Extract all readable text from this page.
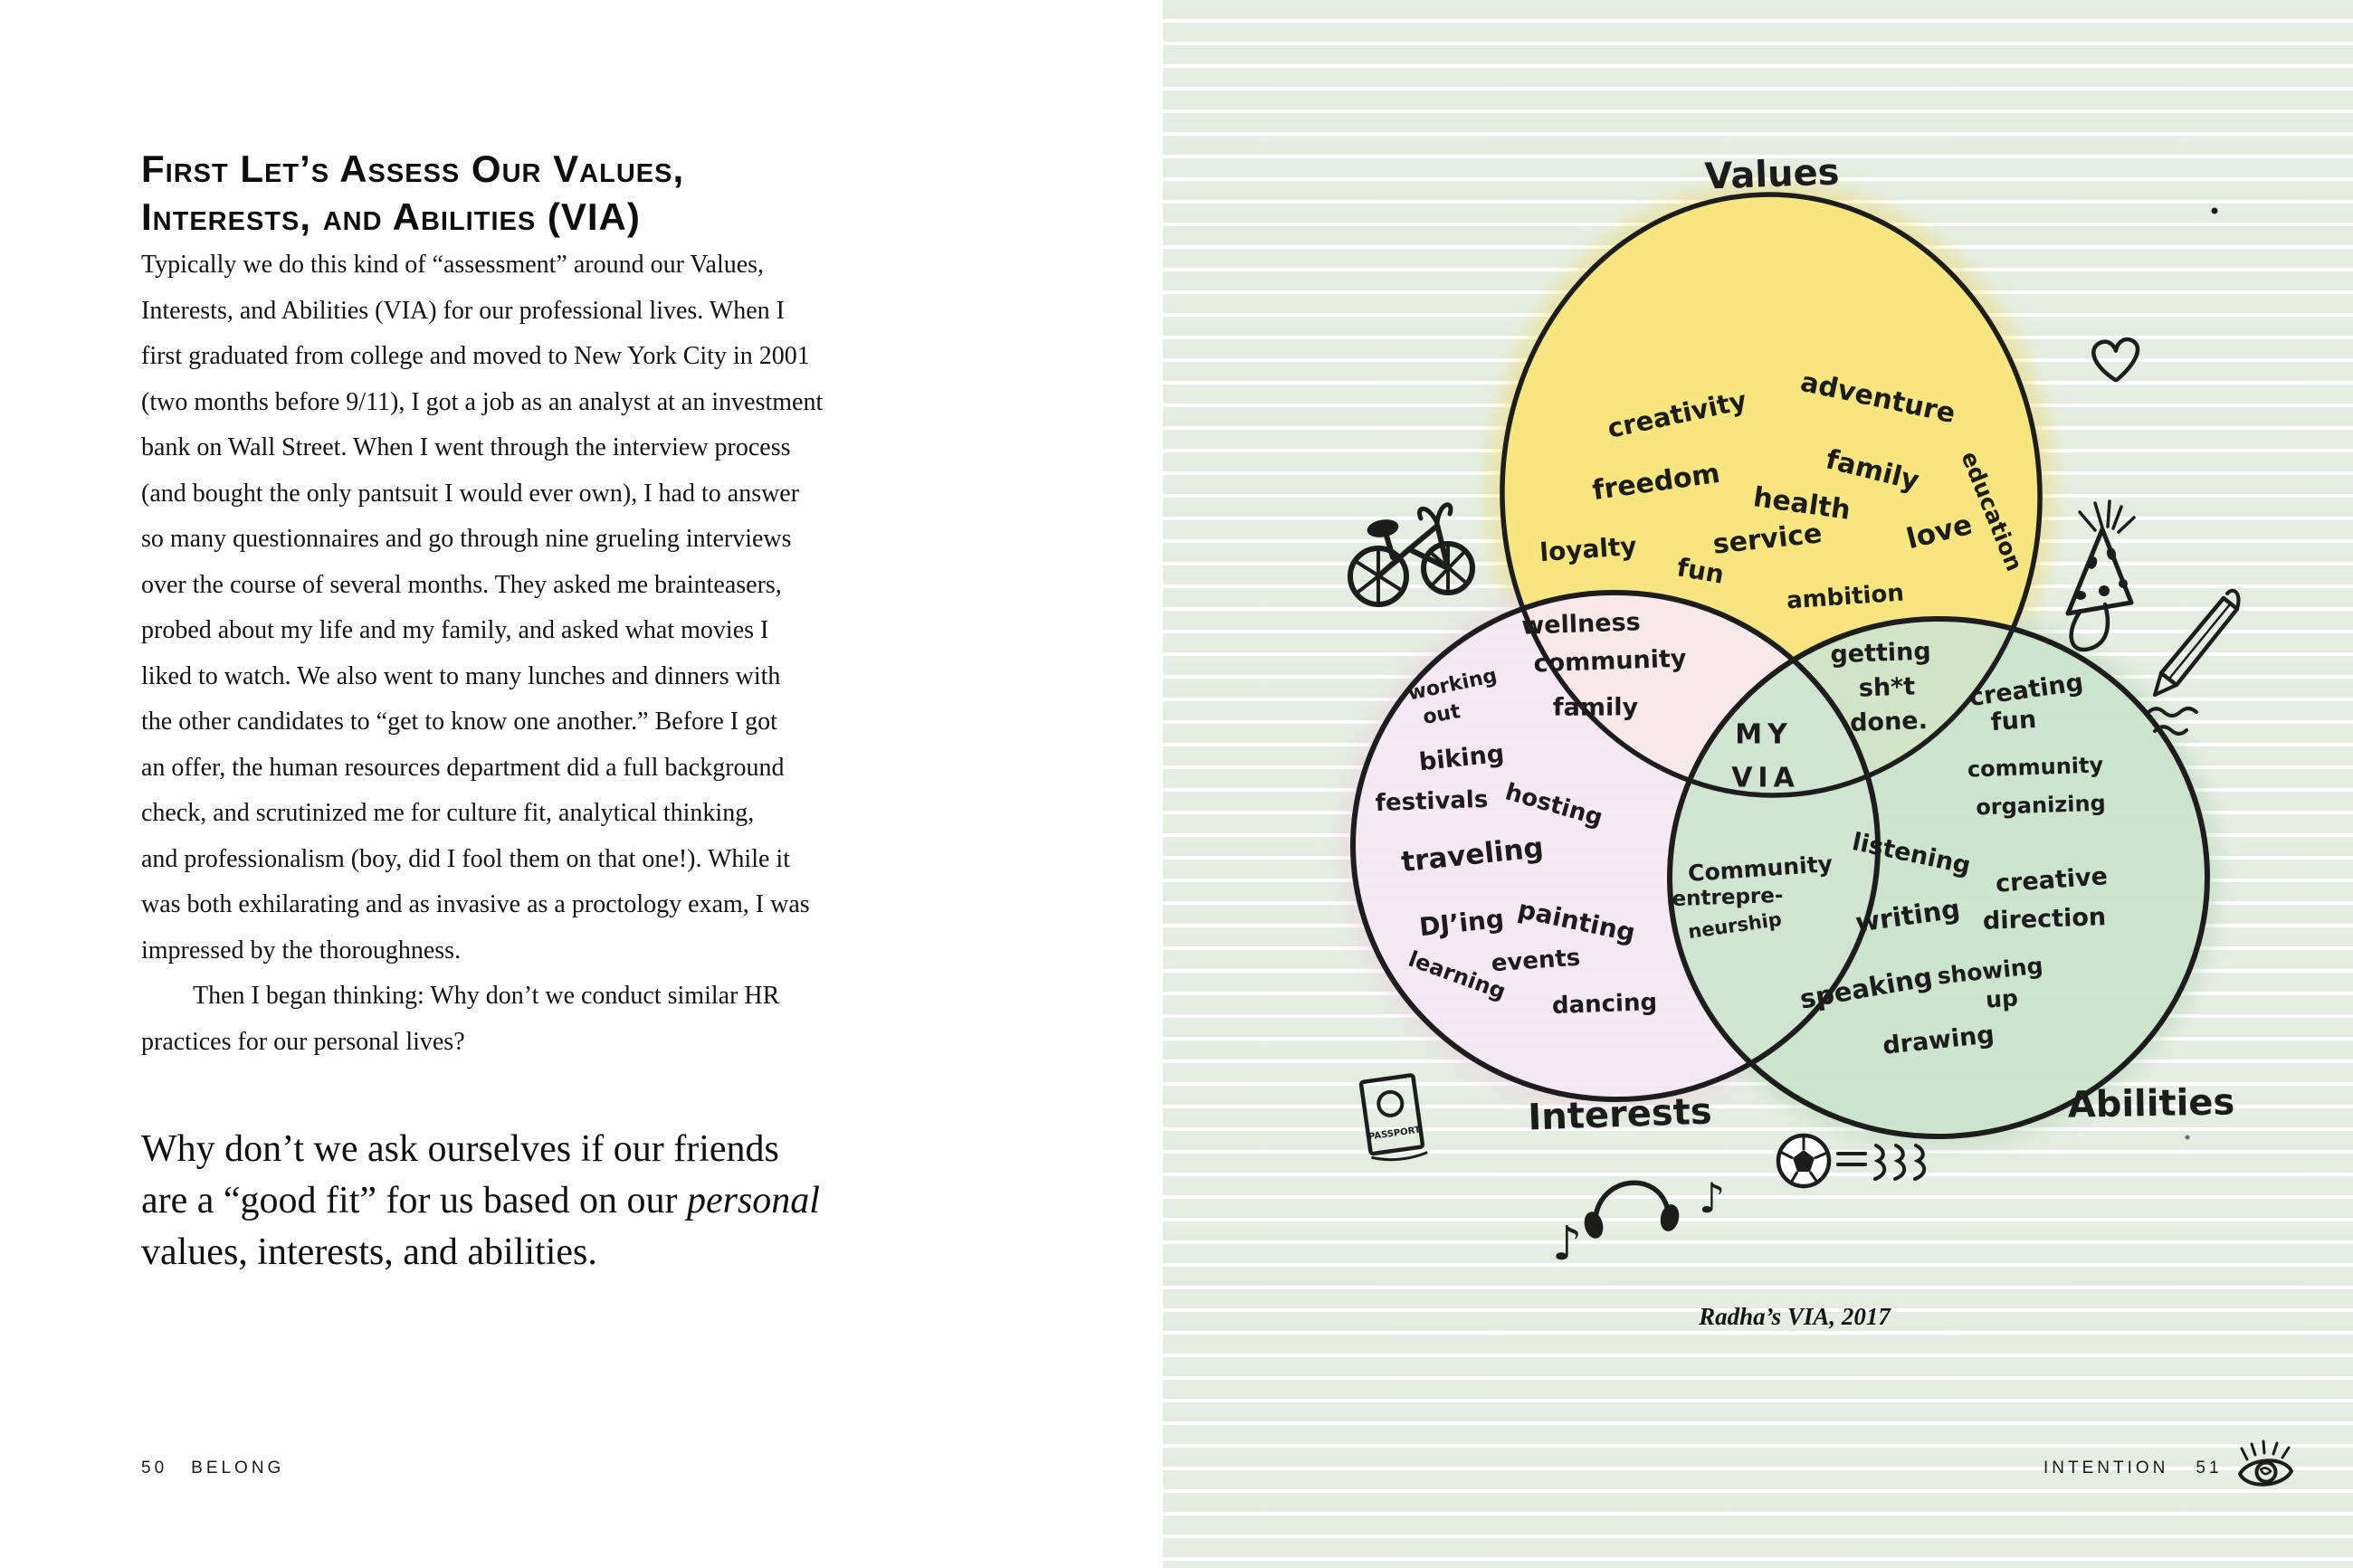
First Let’s Assess Our Values,
Interests, and Abilities (VIA)
Typically we do this kind of “assessment” around our Values,
Interests, and Abilities (VIA) for our professional lives. When I
first graduated from college and moved to New York City in 2001
(two months before 9/11), I got a job as an analyst at an investment
bank on Wall Street. When I went through the interview process
(and bought the only pantsuit I would ever own), I had to answer
so many questionnaires and go through nine grueling interviews
over the course of several months. They asked me brainteasers,
probed about my life and my family, and asked what movies I
liked to watch. We also went to many lunches and dinners with
the other candidates to “get to know one another.” Before I got
an offer, the human resources department did a full background
check, and scrutinized me for culture fit, analytical thinking,
and professionalism (boy, did I fool them on that one!). While it
was both exhilarating and as invasive as a proctology exam, I was
impressed by the thoroughness.
Then I began thinking: Why don’t we conduct similar HR
practices for our personal lives?
Why don’t we ask ourselves if our friends
are a “good fit” for us based on our personal
values, interests, and abilities.
50 BELONG
PASSPORT
♪
♪
Values
Interests	Abilities
creativity adventure
freedom	family
health	education
loyalty	service
fun
love
ambition
wellness
community
family
working
out
biking
festivals hosting
traveling
DJ’ing painting
events
learning dancing
MY
VIA
Community
entrepre-
neurship
getting
sh*t
done.
creating
fun
community
organizing
listening
creative
direction
writing
speaking showing
up
drawing
Radha’s VIA, 2017
INTENTION 51
